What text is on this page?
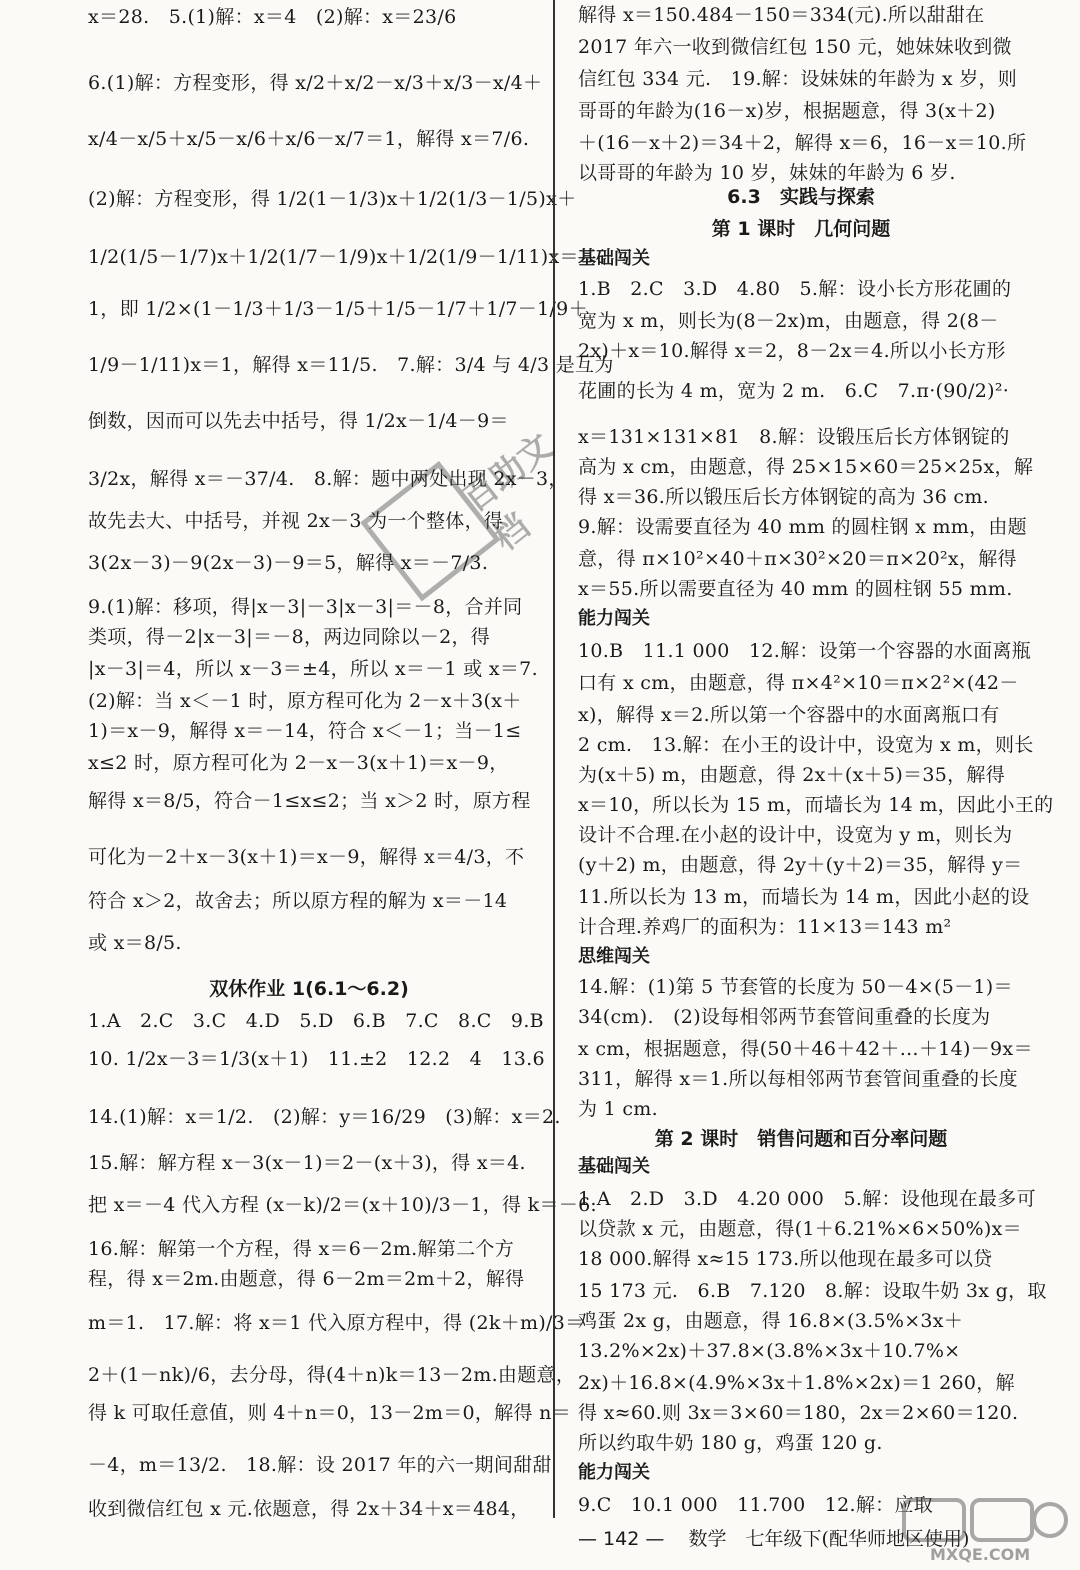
x＝28.　5.(1)解：x＝4　(2)解：x＝23/6
6.(1)解：方程变形，得 x/2＋x/2－x/3＋x/3－x/4＋
x/4－x/5＋x/5－x/6＋x/6－x/7＝1，解得 x＝7/6.
(2)解：方程变形，得 1/2(1－1/3)x＋1/2(1/3－1/5)x＋
1/2(1/5－1/7)x＋1/2(1/7－1/9)x＋1/2(1/9－1/11)x＝
1，即 1/2×(1－1/3＋1/3－1/5＋1/5－1/7＋1/7－1/9＋
1/9－1/11)x＝1，解得 x＝11/5.　7.解：3/4 与 4/3 是互为
倒数，因而可以先去中括号，得 1/2x－1/4－9＝
3/2x，解得 x＝－37/4.　8.解：题中两处出现 2x－3，
故先去大、中括号，并视 2x－3 为一个整体，得
3(2x－3)－9(2x－3)－9＝5，解得 x＝－7/3.
9.(1)解：移项，得|x－3|－3|x－3|＝－8，合并同
类项，得－2|x－3|＝－8，两边同除以－2，得
|x－3|＝4，所以 x－3＝±4，所以 x＝－1 或 x＝7.
(2)解：当 x＜－1 时，原方程可化为 2－x＋3(x＋
1)＝x－9，解得 x＝－14，符合 x＜－1；当－1≤
x≤2 时，原方程可化为 2－x－3(x＋1)＝x－9，
解得 x＝8/5，符合－1≤x≤2；当 x＞2 时，原方程
可化为－2＋x－3(x＋1)＝x－9，解得 x＝4/3，不
符合 x＞2，故舍去；所以原方程的解为 x＝－14
或 x＝8/5.
双休作业 1(6.1～6.2)
1.A　2.C　3.C　4.D　5.D　6.B　7.C　8.C　9.B
10. 1/2x－3＝1/3(x＋1)　11.±2　12.2　4　13.6
14.(1)解：x＝1/2.　(2)解：y＝16/29　(3)解：x＝2.
15.解：解方程 x－3(x－1)＝2－(x＋3)，得 x＝4.
把 x＝－4 代入方程 (x－k)/2＝(x＋10)/3－1，得 k＝－6.
16.解：解第一个方程，得 x＝6－2m.解第二个方
程，得 x＝2m.由题意，得 6－2m＝2m＋2，解得
m＝1.　17.解：将 x＝1 代入原方程中，得 (2k＋m)/3＝
2＋(1－nk)/6，去分母，得(4＋n)k＝13－2m.由题意，
得 k 可取任意值，则 4＋n＝0，13－2m＝0，解得 n＝
－4，m＝13/2.　18.解：设 2017 年的六一期间甜甜
收到微信红包 x 元.依题意，得 2x＋34＋x＝484，
解得 x＝150.484－150＝334(元).所以甜甜在
2017 年六一收到微信红包 150 元，她妹妹收到微
信红包 334 元.　19.解：设妹妹的年龄为 x 岁，则
哥哥的年龄为(16－x)岁，根据题意，得 3(x＋2)
＋(16－x＋2)＝34＋2，解得 x＝6，16－x＝10.所
以哥哥的年龄为 10 岁，妹妹的年龄为 6 岁.
6.3　实践与探索
第 1 课时　几何问题
基础闯关
1.B　2.C　3.D　4.80　5.解：设小长方形花圃的
宽为 x m，则长为(8－2x)m，由题意，得 2(8－
2x)＋x＝10.解得 x＝2，8－2x＝4.所以小长方形
花圃的长为 4 m，宽为 2 m.　6.C　7.π·(90/2)²·
x＝131×131×81　8.解：设锻压后长方体钢锭的
高为 x cm，由题意，得 25×15×60＝25×25x，解
得 x＝36.所以锻压后长方体钢锭的高为 36 cm.
9.解：设需要直径为 40 mm 的圆柱钢 x mm，由题
意，得 π×10²×40＋π×30²×20＝π×20²x，解得
x＝55.所以需要直径为 40 mm 的圆柱钢 55 mm.
能力闯关
10.B　11.1 000　12.解：设第一个容器的水面离瓶
口有 x cm，由题意，得 π×4²×10＝π×2²×(42－
x)，解得 x＝2.所以第一个容器中的水面离瓶口有
2 cm.　13.解：在小王的设计中，设宽为 x m，则长
为(x＋5) m，由题意，得 2x＋(x＋5)＝35，解得
x＝10，所以长为 15 m，而墙长为 14 m，因此小王的
设计不合理.在小赵的设计中，设宽为 y m，则长为
(y＋2) m，由题意，得 2y＋(y＋2)＝35，解得 y＝
11.所以长为 13 m，而墙长为 14 m，因此小赵的设
计合理.养鸡厂的面积为：11×13＝143 m²
思维闯关
14.解：(1)第 5 节套管的长度为 50－4×(5－1)＝
34(cm).　(2)设每相邻两节套管间重叠的长度为
x cm，根据题意，得(50＋46＋42＋…＋14)－9x＝
311，解得 x＝1.所以每相邻两节套管间重叠的长度
为 1 cm.
第 2 课时　销售问题和百分率问题
基础闯关
1.A　2.D　3.D　4.20 000　5.解：设他现在最多可
以贷款 x 元，由题意，得(1＋6.21%×6×50%)x＝
18 000.解得 x≈15 173.所以他现在最多可以贷
15 173 元.　6.B　7.120　8.解：设取牛奶 3x g，取
鸡蛋 2x g，由题意，得 16.8×(3.5%×3x＋
13.2%×2x)＋37.8×(3.8%×3x＋10.7%×
2x)＋16.8×(4.9%×3x＋1.8%×2x)＝1 260，解
得 x≈60.则 3x＝3×60＝180，2x＝2×60＝120.
所以约取牛奶 180 g，鸡蛋 120 g.
能力闯关
9.C　10.1 000　11.700　12.解：应取
— 142 — 数学　七年级下(配华师地区使用)
百助文档
MXQE.COM
